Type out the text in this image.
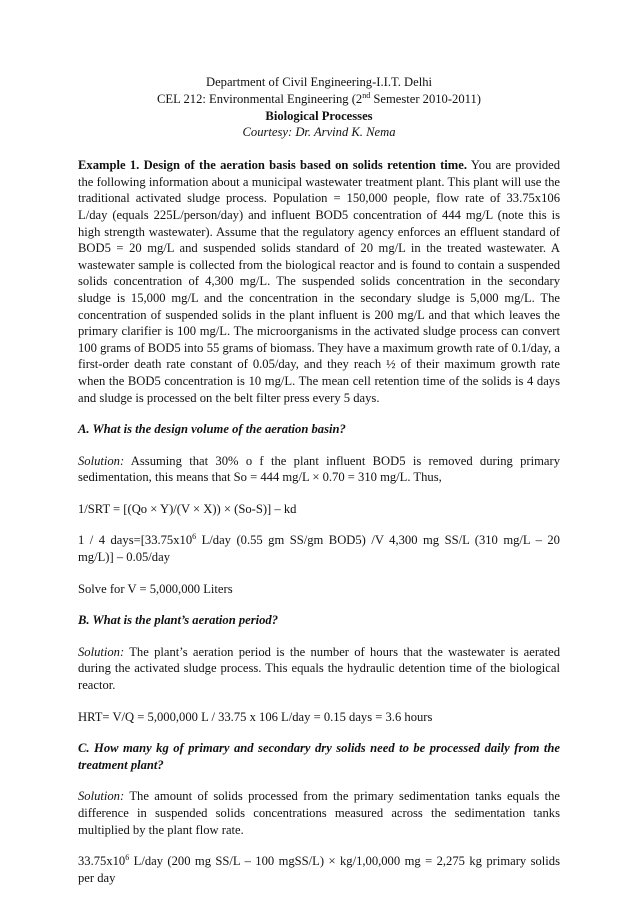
Department of Civil Engineering-I.I.T. Delhi
CEL 212: Environmental Engineering (2nd Semester 2010-2011)
Biological Processes
Courtesy: Dr. Arvind K. Nema

Example 1. Design of the aeration basis based on solids retention time. You are provided the following information about a municipal wastewater treatment plant. This plant will use the traditional activated sludge process. Population = 150,000 people, flow rate of 33.75x106 L/day (equals 225L/person/day) and influent BOD5 concentration of 444 mg/L (note this is high strength wastewater). Assume that the regulatory agency enforces an effluent standard of BOD5 = 20 mg/L and suspended solids standard of 20 mg/L in the treated wastewater. A wastewater sample is collected from the biological reactor and is found to contain a suspended solids concentration of 4,300 mg/L. The suspended solids concentration in the secondary sludge is 15,000 mg/L and the concentration in the secondary sludge is 5,000 mg/L. The concentration of suspended solids in the plant influent is 200 mg/L and that which leaves the primary clarifier is 100 mg/L. The microorganisms in the activated sludge process can convert 100 grams of BOD5 into 55 grams of biomass. They have a maximum growth rate of 0.1/day, a first-order death rate constant of 0.05/day, and they reach ½ of their maximum growth rate when the BOD5 concentration is 10 mg/L. The mean cell retention time of the solids is 4 days and sludge is processed on the belt filter press every 5 days.

A. What is the design volume of the aeration basin?

Solution: Assuming that 30% o f the plant influent BOD5 is removed during primary sedimentation, this means that So = 444 mg/L × 0.70 = 310 mg/L. Thus,

1/SRT = [(Qo × Y)/(V × X)) × (So-S)] – kd

1 / 4 $days=[33.75x10^6$ L/day (0.55 gm SS/gm BOD5) /V 4,300 mg SS/L (310 mg/L – 20 mg/L)] – 0.05/day

Solve for V = 5,000,000 Liters

B. What is the plant’s aeration period?

Solution: The plant’s aeration period is the number of hours that the wastewater is aerated during the activated sludge process. This equals the hydraulic detention time of the biological reactor.

HRT= V/Q = 5,000,000 L / 33.75 x 106 L/day = 0.15 days = 3.6 hours

C. How many kg of primary and secondary dry solids need to be processed daily from the treatment plant?

Solution: The amount of solids processed from the primary sedimentation tanks equals the difference in suspended solids concentrations measured across the sedimentation tanks multiplied by the plant flow rate.

$33.75x10^6$ L/day (200 mg SS/L – 100 mgSS/L) × kg/1,00,000 mg = 2,275 kg primary solids per day
